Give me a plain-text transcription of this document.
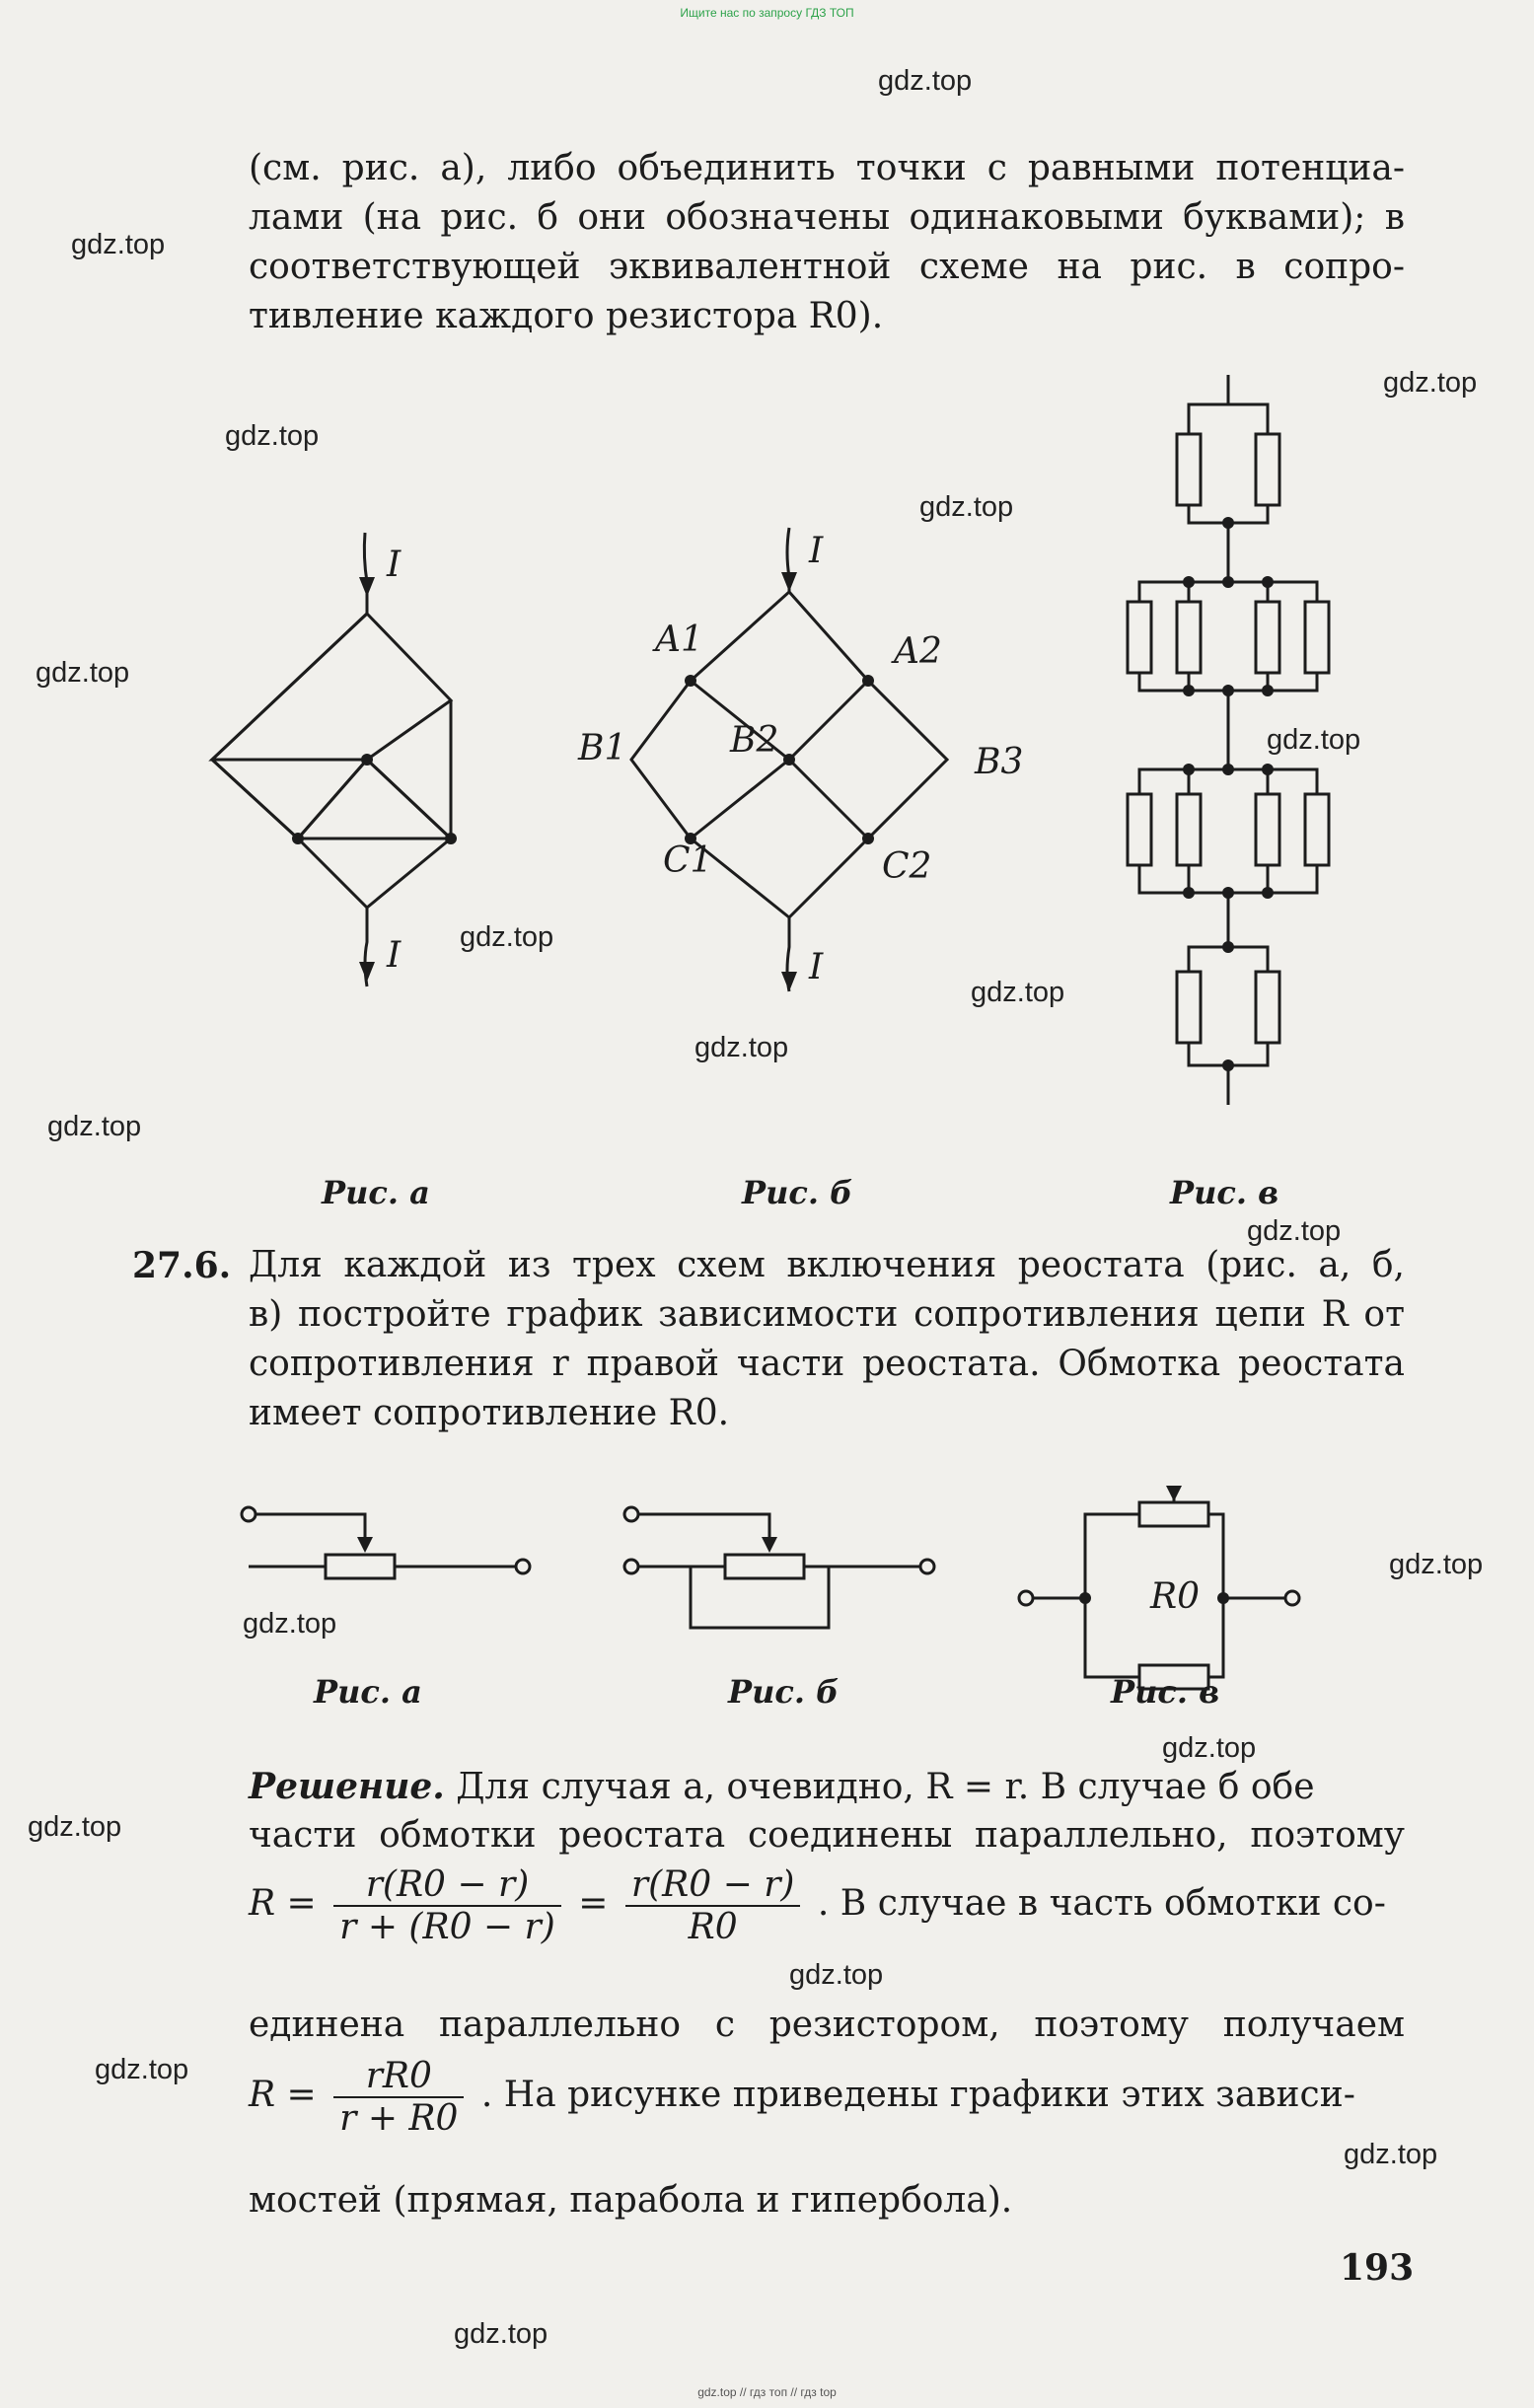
Ищите нас по запросу ГДЗ ТОП
gdz.top
gdz.top
gdz.top
gdz.top
gdz.top
gdz.top
gdz.top
gdz.top
gdz.top
gdz.top
gdz.top
gdz.top
gdz.top
gdz.top
gdz.top
gdz.top
gdz.top
gdz.top
gdz.top
gdz.top
(см. рис. а), либо объединить точки с равными потенциа-
лами (на рис. б они обозначены одинаковыми буквами); в
соответствующей эквивалентной схеме на рис. в сопро-
тивление каждого резистора R0).
I
I
I
I
A1	A2
B1	B2
B3
C1	C2
Рис. а	Рис. б	Рис. в
27.6. Для каждой из трех схем включения реостата (рис. а, б,
в) постройте график зависимости сопротивления цепи R от
сопротивления r правой части реостата. Обмотка реостата
имеет сопротивление R0.
R0
Рис. а	Рис. б	Рис. в
Решение. Для случая а, очевидно, R = r. В случае б обе
части обмотки реостата соединены параллельно, поэтому
$R = \frac{r(R0 - r)}{r + (R0 - r)} = \frac{r(R0 - r)}{R0}$ . В случае в часть обмотки со-
единена параллельно с резистором, поэтому получаем
$R = \frac{rR0}{r + R0}$ . На рисунке приведены графики этих зависи-
мостей (прямая, парабола и гипербола).
193
gdz.top // гдз топ // гдз top
